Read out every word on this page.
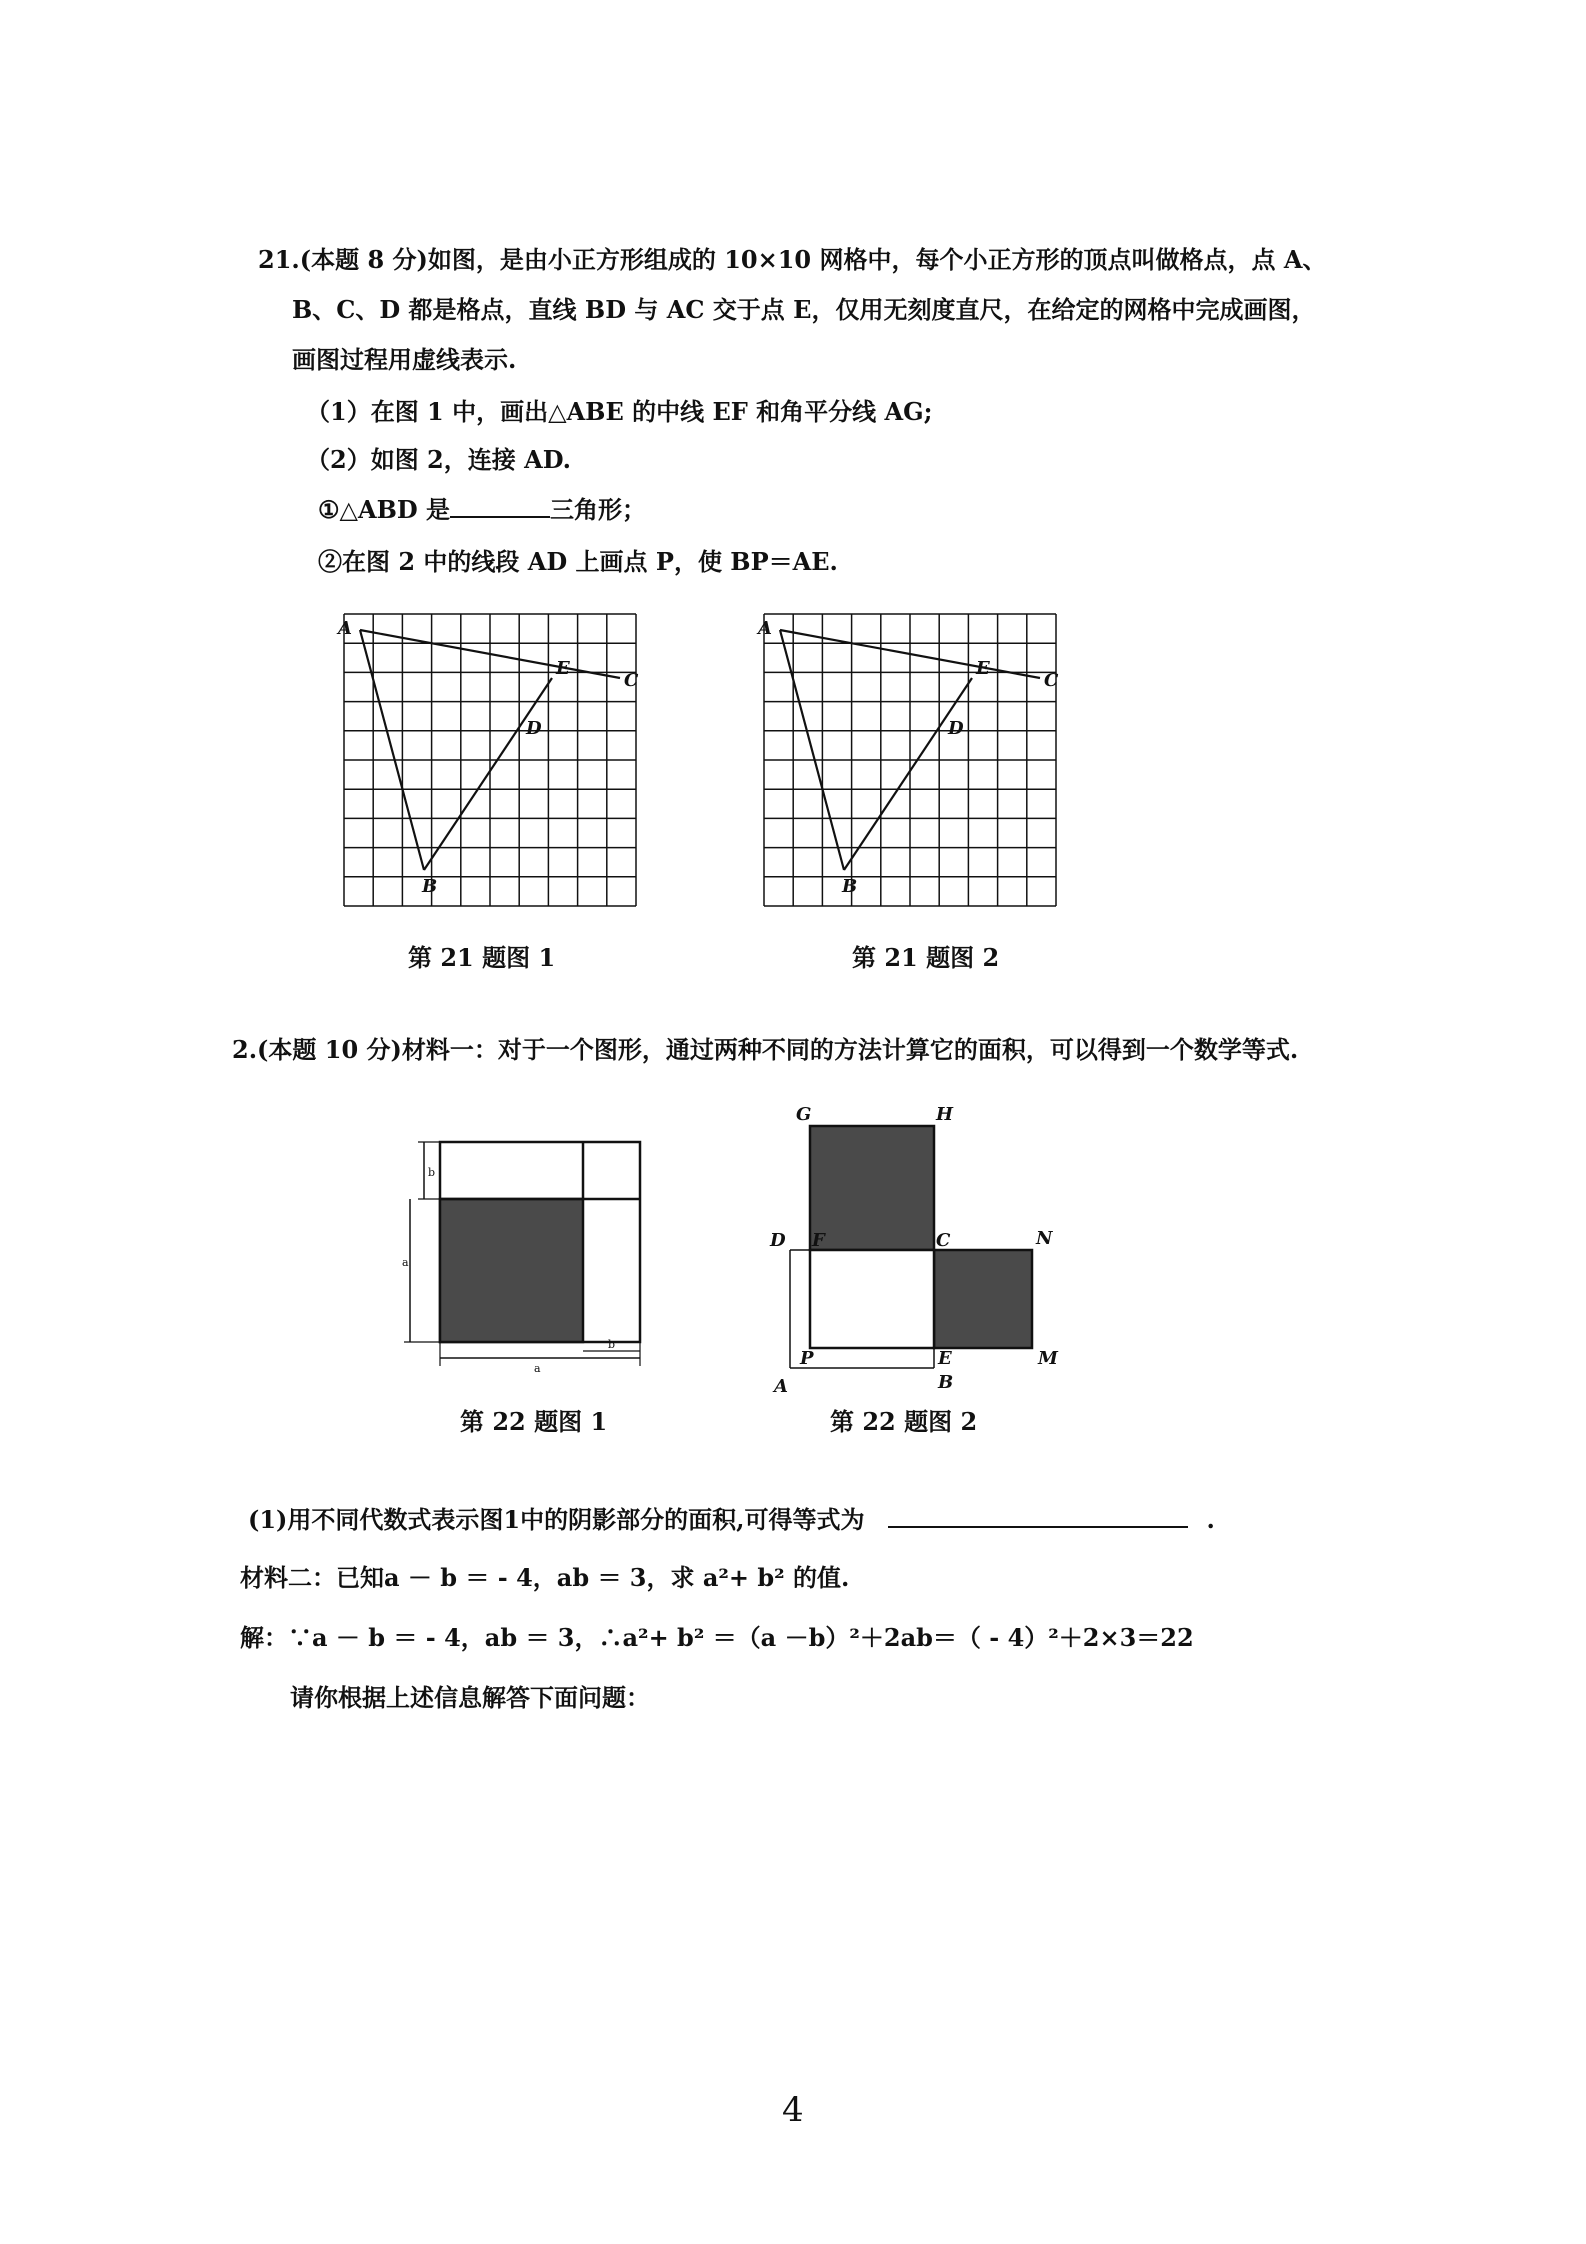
21.(本题 8 分)如图，是由小正方形组成的 10×10 网格中，每个小正方形的顶点叫做格点，点 A、
B、C、D 都是格点，直线 BD 与 AC 交于点 E，仅用无刻度直尺，在给定的网格中完成画图，
画图过程用虚线表示.
（1）在图 1 中，画出△ABE 的中线 EF 和角平分线 AG;
（2）如图 2，连接 AD.
①△ABD 是	三角形；
②在图 2 中的线段 AD 上画点 P，使 BP＝AE.
A
B
C
D
E
A
B
C
D
E
第 21 题图 1	第 21 题图 2
2.(本题 10 分)材料一：对于一个图形，通过两种不同的方法计算它的面积，可以得到一个数学等式.
b
a
a
b
G	H
D F	C	N
P	E	M
A	B
第 22 题图 1	第 22 题图 2
(1)用不同代数式表示图1中的阴影部分的面积,可得等式为	.
材料二：已知a － b ＝ - 4，ab ＝ 3，求 a²+ b² 的值.
解：∵a － b ＝ - 4，ab ＝ 3，∴a²+ b² ＝（a －b）²＋2ab＝（ - 4）²＋2×3＝22
请你根据上述信息解答下面问题：
4
